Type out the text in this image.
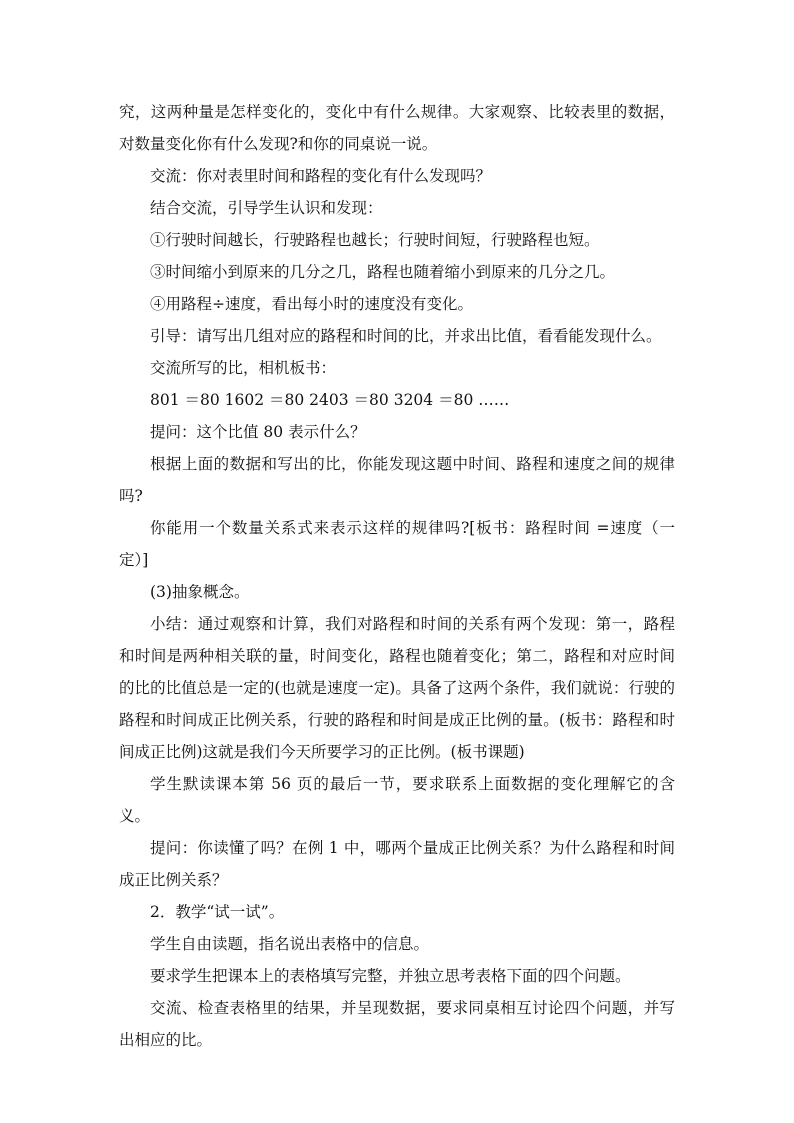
究，这两种量是怎样变化的，变化中有什么规律。大家观察、比较表里的数据，对数量变化你有什么发现?和你的同桌说一说。

交流：你对表里时间和路程的变化有什么发现吗？

结合交流，引导学生认识和发现：

①行驶时间越长，行驶路程也越长；行驶时间短，行驶路程也短。

③时间缩小到原来的几分之几，路程也随着缩小到原来的几分之几。

④用路程÷速度，看出每小时的速度没有变化。

引导：请写出几组对应的路程和时间的比，并求出比值，看看能发现什么。

交流所写的比，相机板书：

801 ＝80 1602 ＝80 2403 ＝80 3204 ＝80 ……

提问：这个比值 80 表示什么？

根据上面的数据和写出的比，你能发现这题中时间、路程和速度之间的规律吗?

你能用一个数量关系式来表示这样的规律吗?[板书：路程时间 =速度（一定）]

(3)抽象概念。

小结：通过观察和计算，我们对路程和时间的关系有两个发现：第一，路程和时间是两种相关联的量，时间变化，路程也随着变化；第二，路程和对应时间的比的比值总是一定的(也就是速度一定)。具备了这两个条件，我们就说：行驶的路程和时间成正比例关系，行驶的路程和时间是成正比例的量。(板书：路程和时间成正比例)这就是我们今天所要学习的正比例。(板书课题)

学生默读课本第 56 页的最后一节，要求联系上面数据的变化理解它的含义。

提问：你读懂了吗？在例 1 中，哪两个量成正比例关系？为什么路程和时间成正比例关系？

2．教学“试一试”。

学生自由读题，指名说出表格中的信息。

要求学生把课本上的表格填写完整，并独立思考表格下面的四个问题。

交流、检查表格里的结果，并呈现数据，要求同桌相互讨论四个问题，并写出相应的比。
